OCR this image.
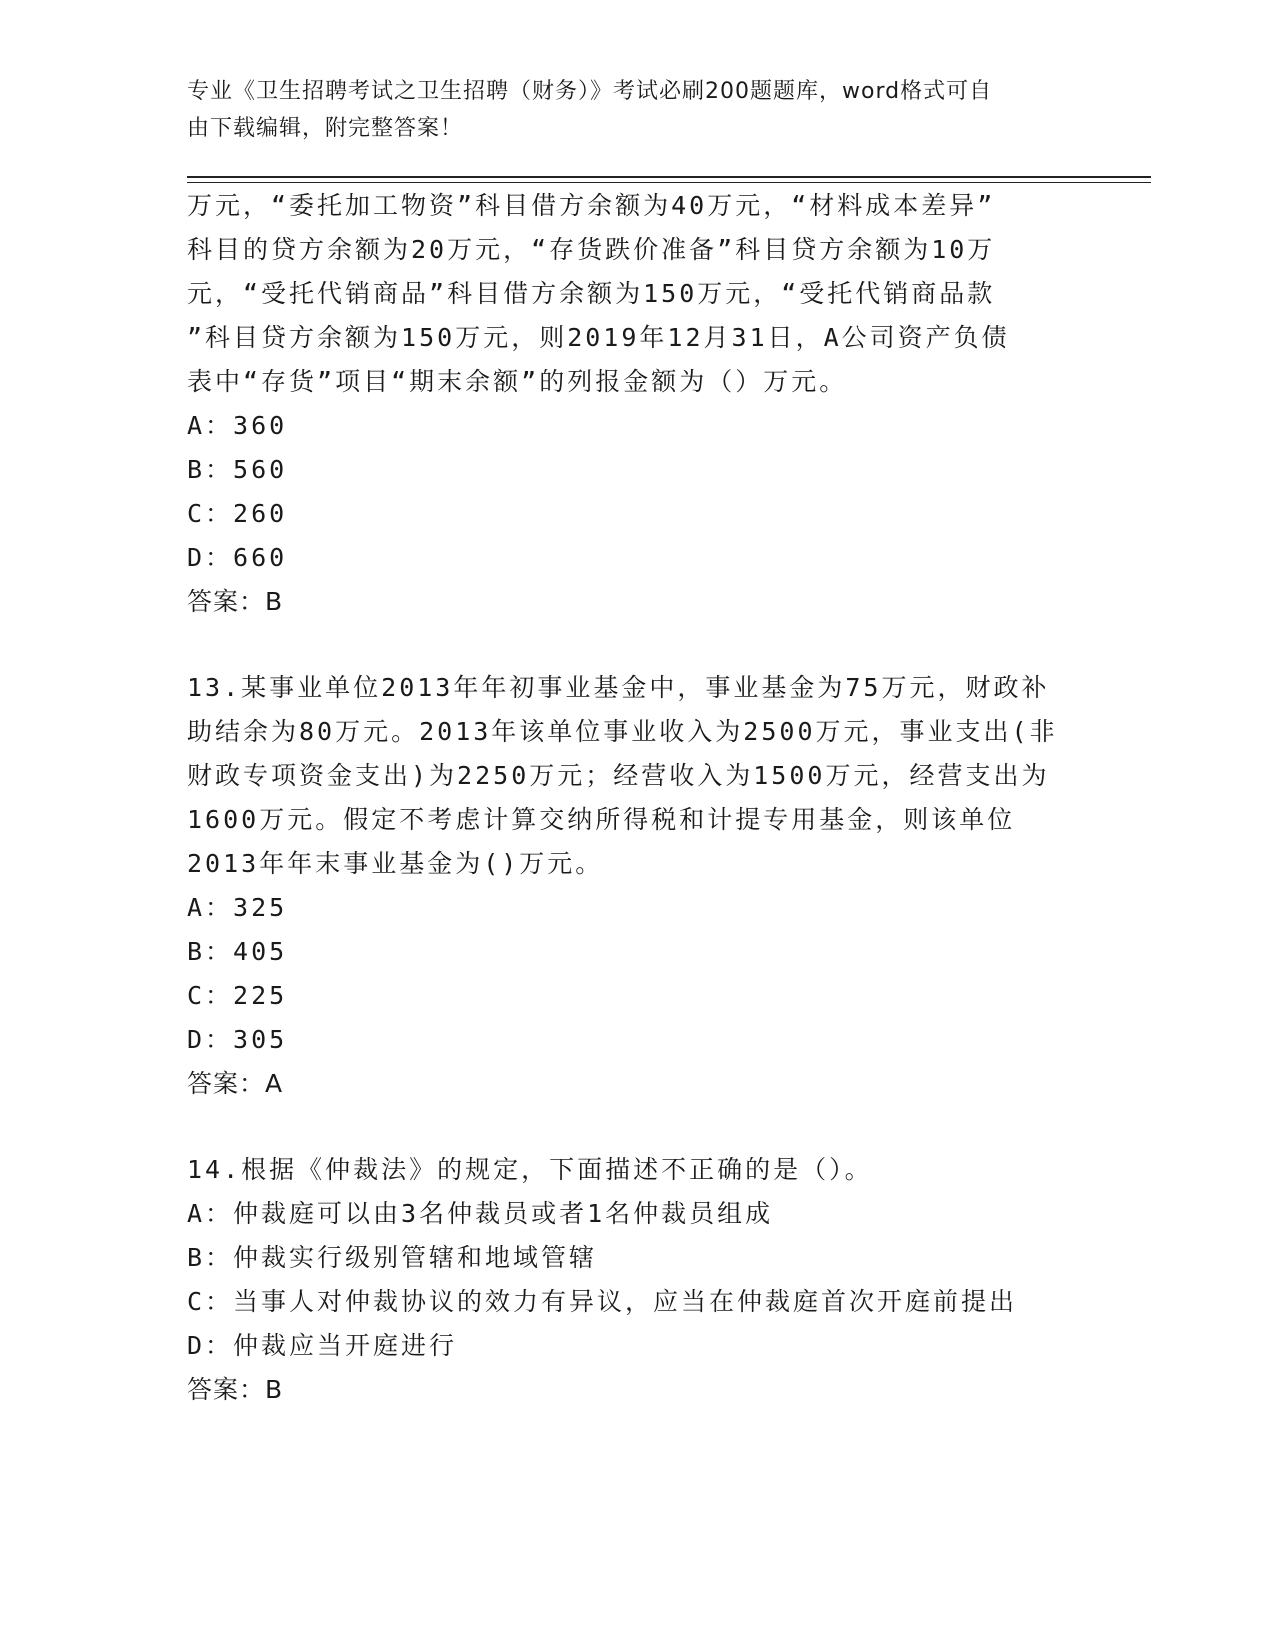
专业《卫生招聘考试之卫生招聘（财务）》考试必刷200题题库，word格式可自
由下载编辑，附完整答案！
万元，“委托加工物资”科目借方余额为40万元，“材料成本差异”
科目的贷方余额为20万元，“存货跌价准备”科目贷方余额为10万
元，“受托代销商品”科目借方余额为150万元，“受托代销商品款
”科目贷方余额为150万元，则2019年12月31日，A公司资产负债
表中“存货”项目“期末余额”的列报金额为（）万元。
A：360
B：560
C：260
D：660
答案：B
13.某事业单位2013年年初事业基金中，事业基金为75万元，财政补
助结余为80万元。2013年该单位事业收入为2500万元，事业支出(非
财政专项资金支出)为2250万元；经营收入为1500万元，经营支出为
1600万元。假定不考虑计算交纳所得税和计提专用基金，则该单位
2013年年末事业基金为()万元。
A：325
B：405
C：225
D：305
答案：A
14.根据《仲裁法》的规定，下面描述不正确的是（）。
A：仲裁庭可以由3名仲裁员或者1名仲裁员组成
B：仲裁实行级别管辖和地域管辖
C：当事人对仲裁协议的效力有异议，应当在仲裁庭首次开庭前提出
D：仲裁应当开庭进行
答案：B
